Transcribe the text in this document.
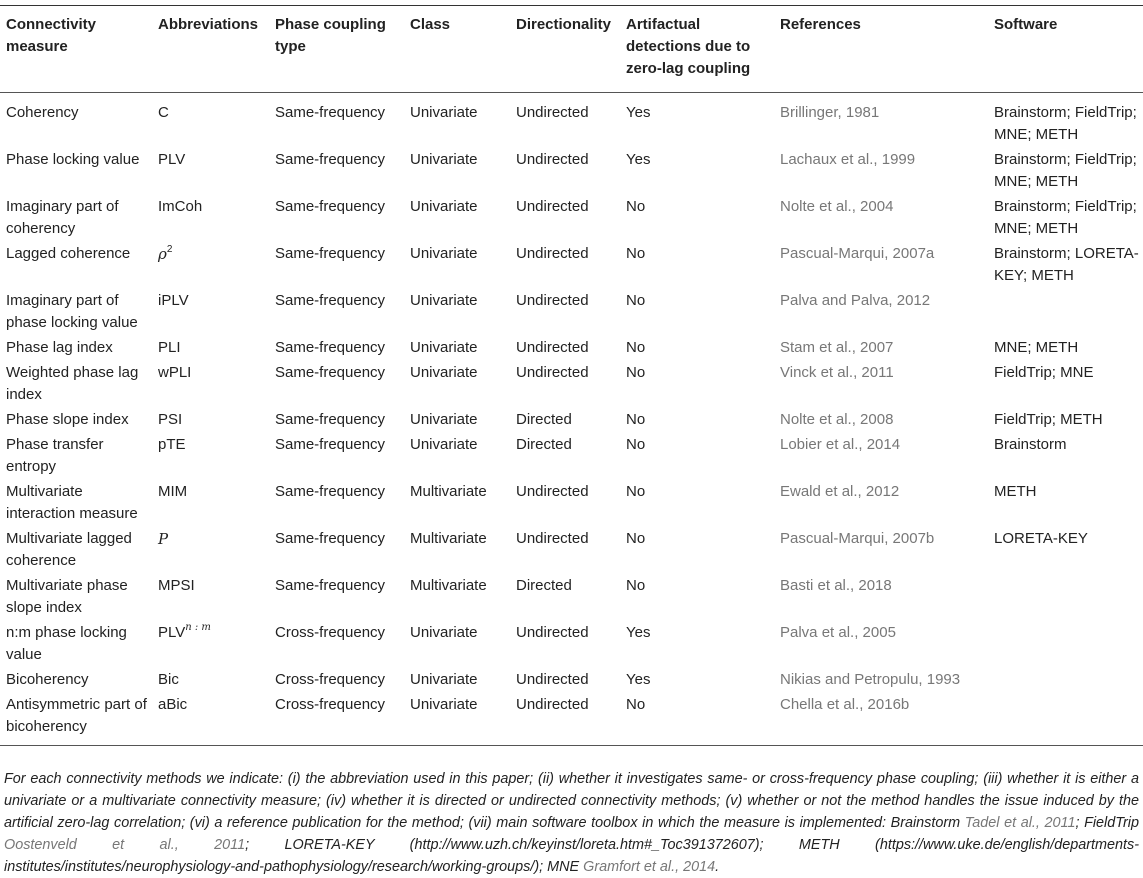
Connectivity measure	Abbreviations	Phase coupling type	Class	Directionality	Artifactual detections due to zero-lag coupling	References	Software
Coherency	C	Same-frequency	Univariate	Undirected	Yes	Brillinger, 1981	Brainstorm; FieldTrip; MNE; METH
Phase locking value	PLV	Same-frequency	Univariate	Undirected	Yes	Lachaux et al., 1999	Brainstorm; FieldTrip; MNE; METH
Imaginary part of coherency	ImCoh	Same-frequency	Univariate	Undirected	No	Nolte et al., 2004	Brainstorm; FieldTrip; MNE; METH
Lagged coherence	$\rho^2$	Same-frequency	Univariate	Undirected	No	Pascual-Marqui, 2007a	Brainstorm; LORETA-KEY; METH
Imaginary part of phase locking value	iPLV	Same-frequency	Univariate	Undirected	No	Palva and Palva, 2012	
Phase lag index	PLI	Same-frequency	Univariate	Undirected	No	Stam et al., 2007	MNE; METH
Weighted phase lag index	wPLI	Same-frequency	Univariate	Undirected	No	Vinck et al., 2011	FieldTrip; MNE
Phase slope index	PSI	Same-frequency	Univariate	Directed	No	Nolte et al., 2008	FieldTrip; METH
Phase transfer entropy	pTE	Same-frequency	Univariate	Directed	No	Lobier et al., 2014	Brainstorm
Multivariate interaction measure	MIM	Same-frequency	Multivariate	Undirected	No	Ewald et al., 2012	METH
Multivariate lagged coherence	P	Same-frequency	Multivariate	Undirected	No	Pascual-Marqui, 2007b	LORETA-KEY
Multivariate phase slope index	MPSI	Same-frequency	Multivariate	Directed	No	Basti et al., 2018	
n:m phase locking value	$PLV^{n : m}$	Cross-frequency	Univariate	Undirected	Yes	Palva et al., 2005	
Bicoherency	Bic	Cross-frequency	Univariate	Undirected	Yes	Nikias and Petropulu, 1993	
Antisymmetric part of bicoherency	aBic	Cross-frequency	Univariate	Undirected	No	Chella et al., 2016b	
For each connectivity methods we indicate: (i) the abbreviation used in this paper; (ii) whether it investigates same- or cross-frequency phase coupling; (iii) whether it is either a univariate or a multivariate connectivity measure; (iv) whether it is directed or undirected connectivity methods; (v) whether or not the method handles the issue induced by the artificial zero-lag correlation; (vi) a reference publication for the method; (vii) main software toolbox in which the measure is implemented: Brainstorm Tadel et al., 2011; FieldTrip Oostenveld et al., 2011; LORETA-KEY (http://www.uzh.ch/keyinst/loreta.htm#_Toc391372607); METH (https://www.uke.de/english/departments-institutes/institutes/neurophysiology-and-pathophysiology/research/working-groups/); MNE Gramfort et al., 2014.
